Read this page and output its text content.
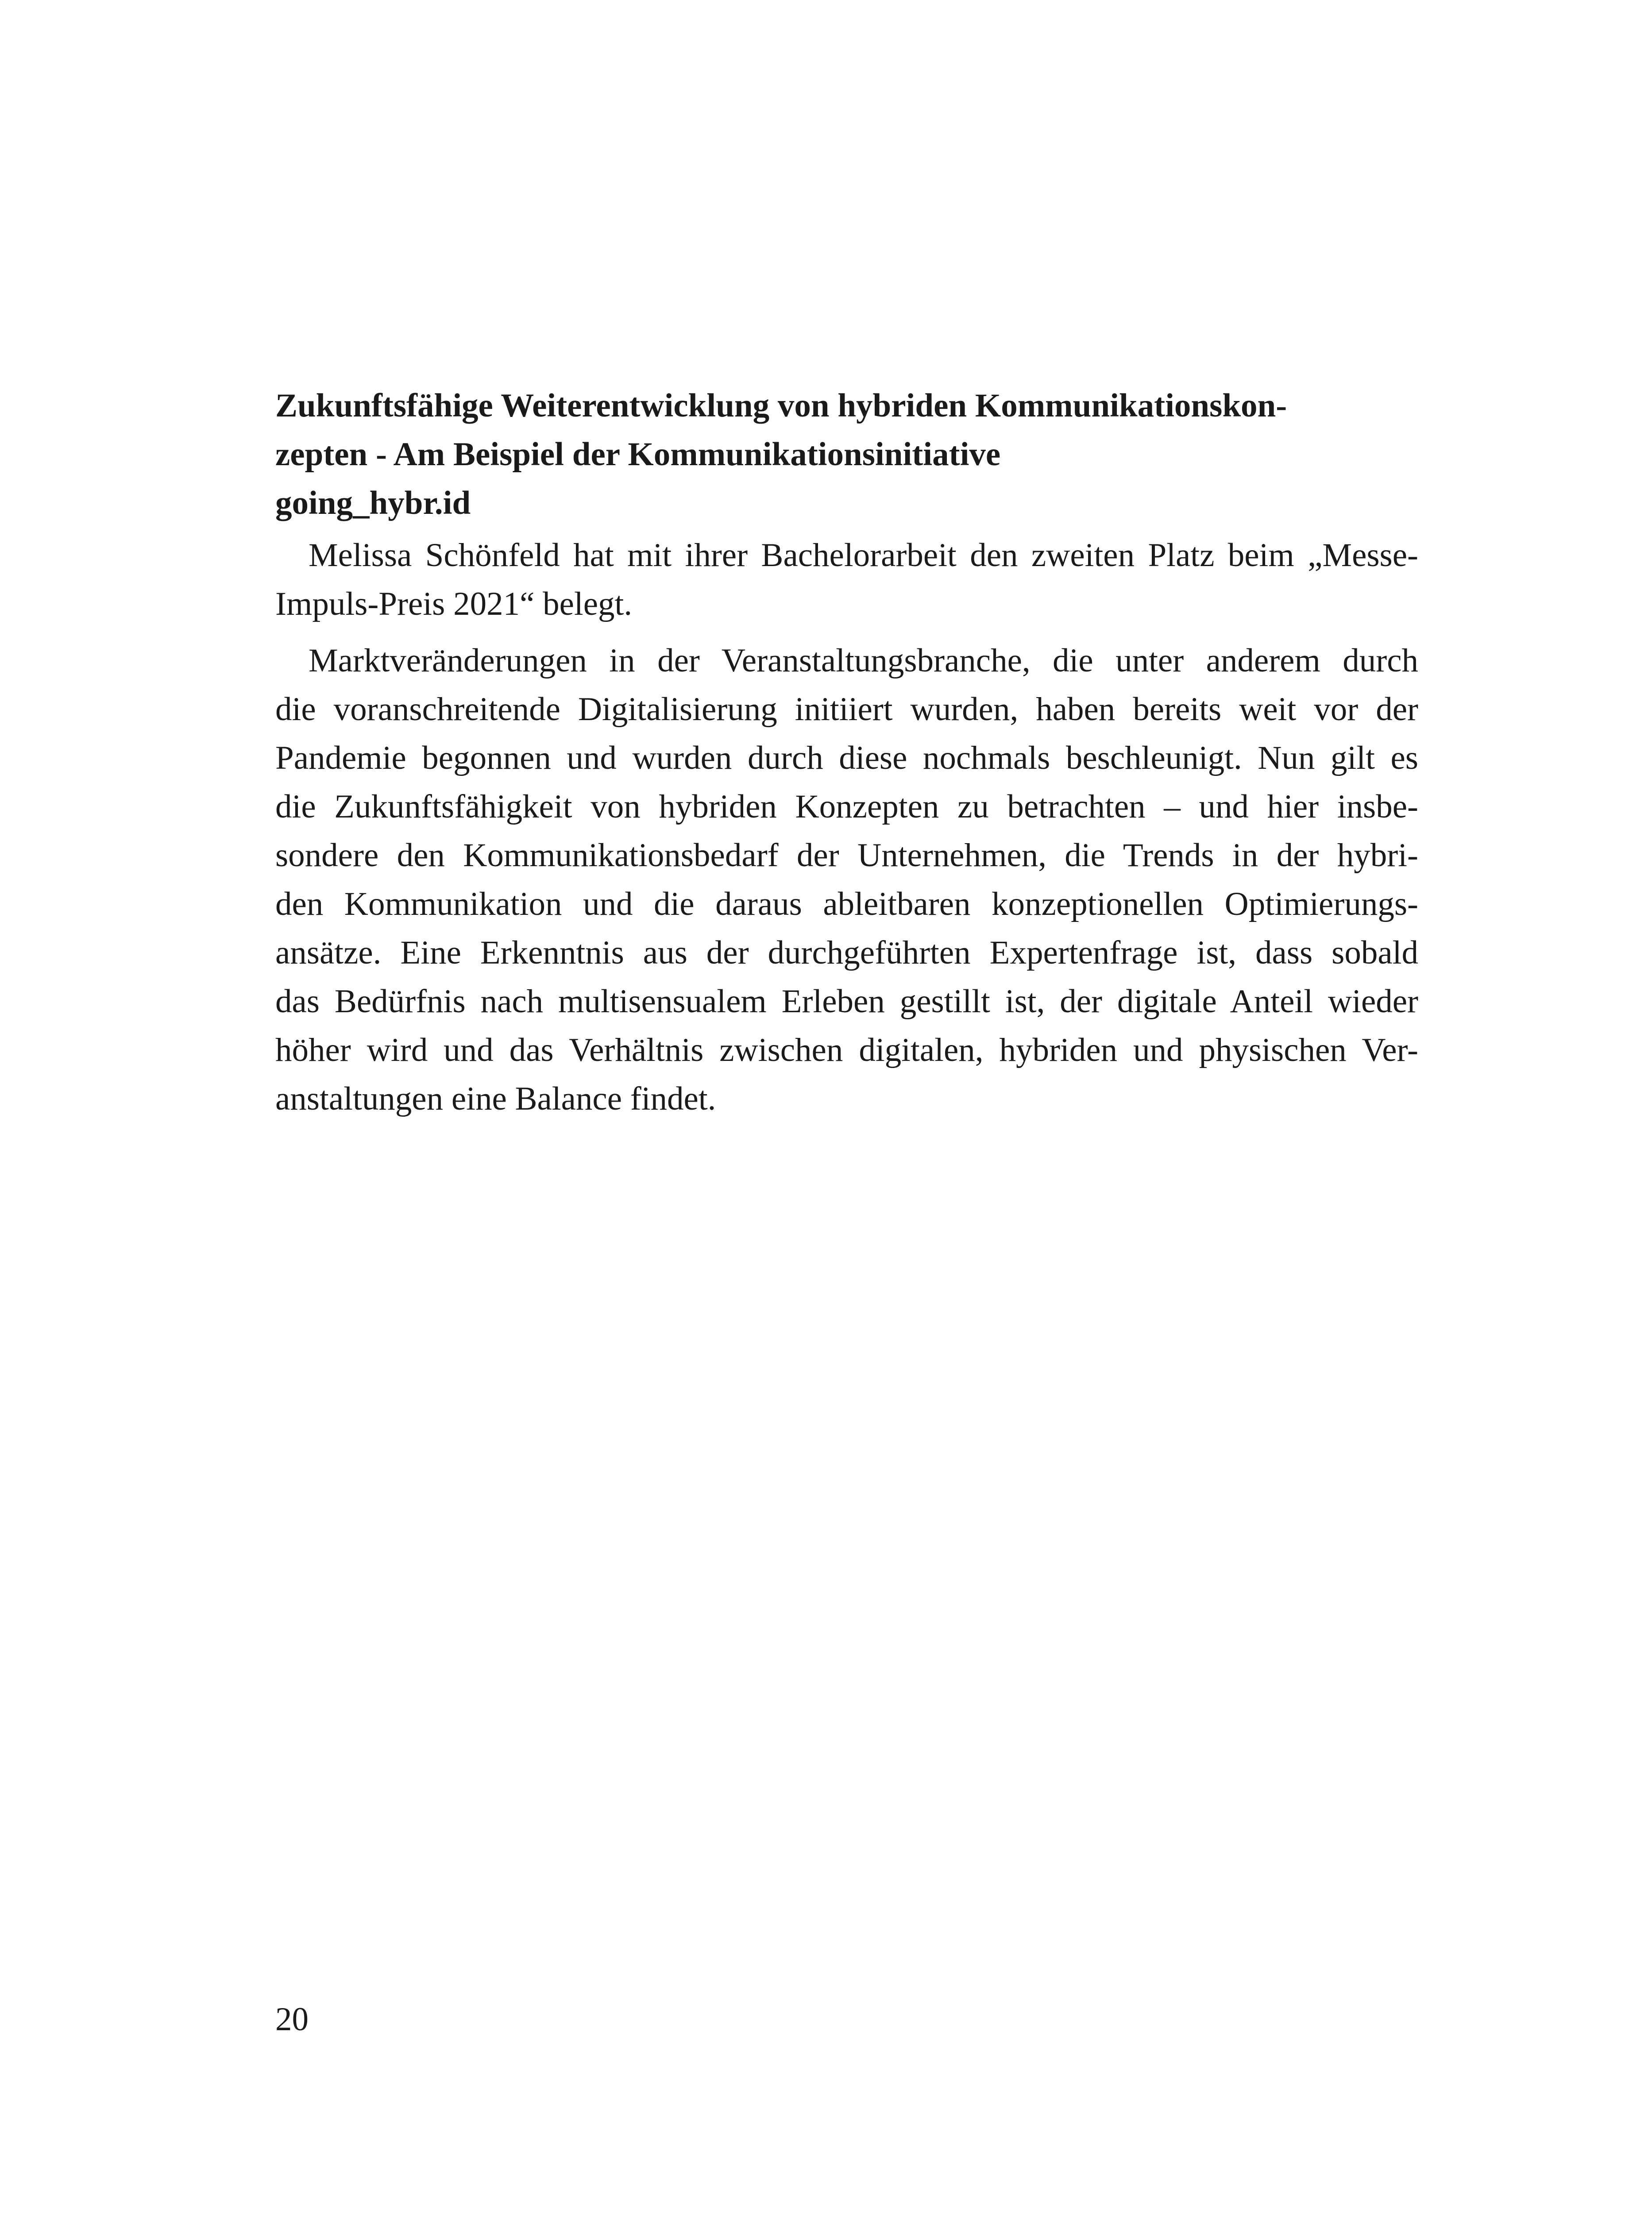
Zukunftsfähige Weiterentwicklung von hybriden Kommunikationskon-
zepten - Am Beispiel der Kommunikationsinitiative
going_hybr.id

Melissa Schönfeld hat mit ihrer Bachelorarbeit den zweiten Platz beim „Messe-
Impuls-Preis 2021“ belegt.

Marktveränderungen in der Veranstaltungsbranche, die unter anderem durch
die voranschreitende Digitalisierung initiiert wurden, haben bereits weit vor der
Pandemie begonnen und wurden durch diese nochmals beschleunigt. Nun gilt es
die Zukunftsfähigkeit von hybriden Konzepten zu betrachten – und hier insbe-
sondere den Kommunikationsbedarf der Unternehmen, die Trends in der hybri-
den Kommunikation und die daraus ableitbaren konzeptionellen Optimierungs-
ansätze. Eine Erkenntnis aus der durchgeführten Expertenfrage ist, dass sobald
das Bedürfnis nach multisensualem Erleben gestillt ist, der digitale Anteil wieder
höher wird und das Verhältnis zwischen digitalen, hybriden und physischen Ver-
anstaltungen eine Balance findet.

20
